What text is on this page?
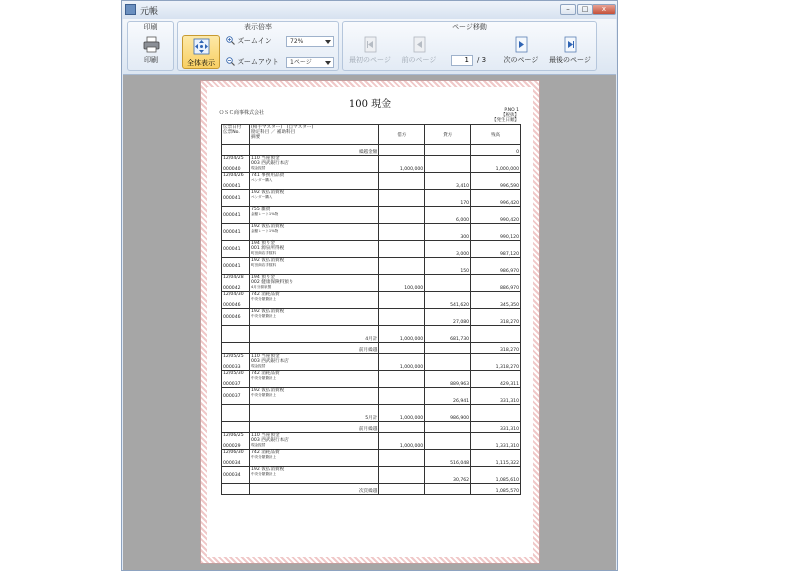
元帳	–	□	x
印刷
印刷
表示倍率
全体表示
ズームイン
ズームアウト
72%
1ページ
ページ移動
最初のページ	前のページ	1	/ 3	次のページ	最後のページ
100 現金
ＯＳＣ商事株式会社	P.NO 1
【税抜】
【発生日順】
伝票日付
伝票No.	(相手マスター)　(自マスター)
勘定科目 ／ 補助科目
摘要	借方	貸方	残高
	繰越金額			0

12/04/25
000040	110 当座預金
003 西武銀行本店
現金振替	1,000,000		1,000,000

12/04/26
000041	741 事務用品費
ペンダー購入		3,410	996,590

000041	192 仮払消費税
ペンダー購入		170	996,420

000041	755 雑費
金額レート1%物		6,000	990,420

000041	192 仮払消費税
金額レート1%物		300	990,120

000041	194 預り金
001 源泉所得税
町田商店手数料		3,000	987,120

000041	192 仮払消費税
町田商店手数料		150	986,970

12/04/28
000042	194 預り金
002 健康保険料預り
4月分源泉徴	100,000		886,970

12/04/30
000046	742 消耗品費
中央分類費計上		541,620	345,350

000046	192 仮払消費税
中央分類費計上		27,080	318,270
	4月計	1,000,000	681,730	
	前月繰越			318,270

12/05/25
000033	110 当座預金
003 西武銀行本店
現金振替	1,000,000		1,318,270

12/05/30
000037	742 消耗品費
中央分類費計上		889,963	429,311

000037	192 仮払消費税
中央分類費計上		26,941	331,310
	5月計	1,000,000	986,900	
	前月繰越			331,310

12/06/25
000029	110 当座預金
003 西武銀行本店
現金振替	1,000,000		1,331,310

12/06/30
000034	742 消耗品費
中央分類費計上		516,048	1,115,322

000034	192 仮払消費税
中央分類費計上		30,762	1,085,610
	次頁繰越			1,085,570
